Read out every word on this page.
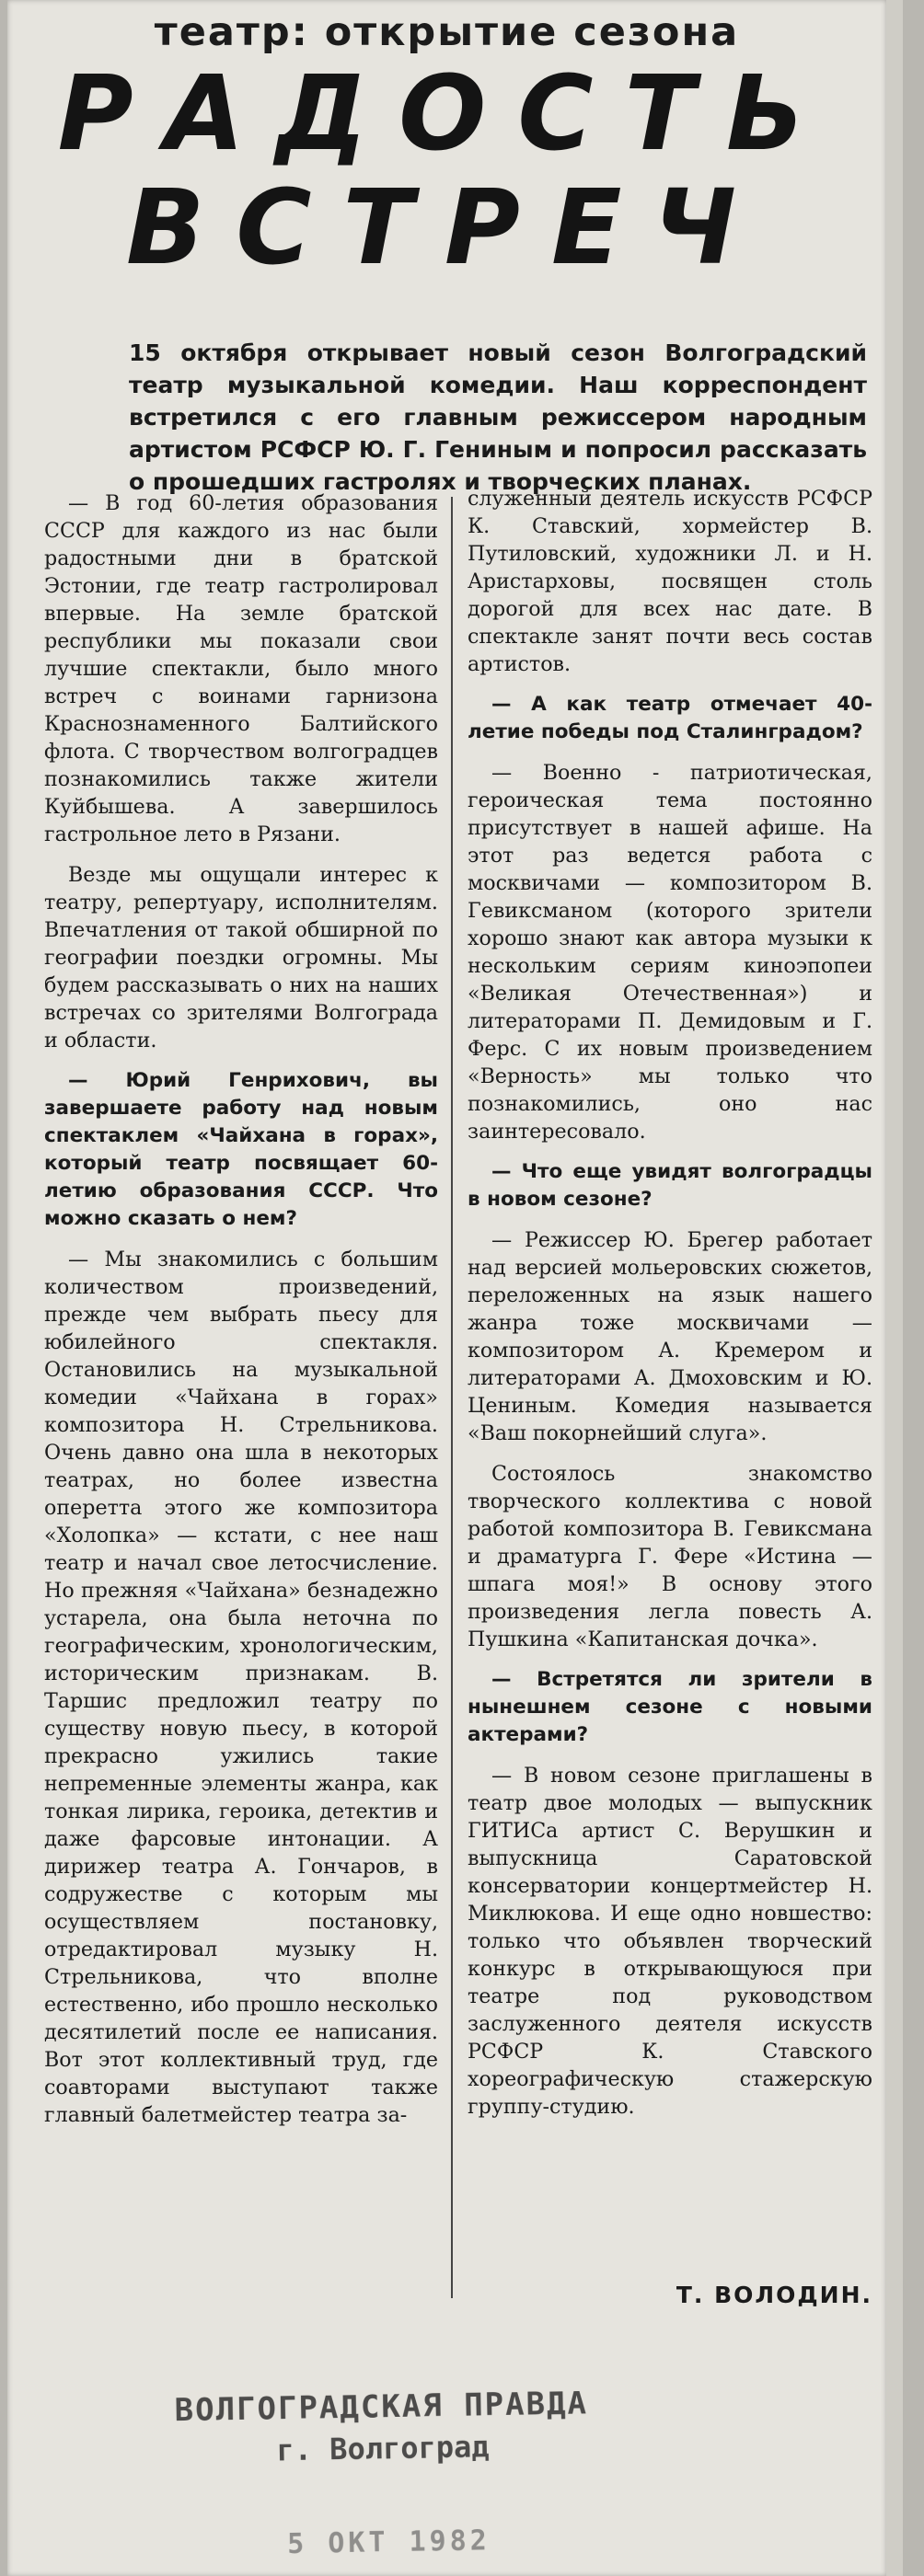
театр: открытие сезона
РАДОСТЬ
ВСТРЕЧ
15 октября открывает новый сезон Волгоградский театр музыкальной комедии. Наш корреспондент встретился с его главным режиссером народным артистом РСФСР Ю. Г. Гениным и попросил рассказать о прошедших гастролях и творческих планах.

— В год 60-летия образования СССР для каждого из нас были радостными дни в братской Эстонии, где театр гастролировал впервые. На земле братской республики мы показали свои лучшие спектакли, было много встреч с воинами гарнизона Краснознаменного Балтийского флота. С творчеством волгоградцев познакомились также жители Куйбышева. А завершилось гастрольное лето в Рязани.

Везде мы ощущали интерес к театру, репертуару, исполнителям. Впечатления от такой обширной по географии поездки огромны. Мы будем рассказывать о них на наших встречах со зрителями Волгограда и области.

— Юрий Генрихович, вы завершаете работу над новым спектаклем «Чайхана в горах», который театр посвящает 60-летию образования СССР. Что можно сказать о нем?

— Мы знакомились с большим количеством произведений, прежде чем выбрать пьесу для юбилейного спектакля. Остановились на музыкальной комедии «Чайхана в горах» композитора Н. Стрельникова. Очень давно она шла в некоторых театрах, но более известна оперетта этого же композитора «Холопка» — кстати, с нее наш театр и начал свое летосчисление. Но прежняя «Чайхана» безнадежно устарела, она была неточна по географическим, хронологическим, историческим признакам. В. Таршис предложил театру по существу новую пьесу, в которой прекрасно ужились такие непременные элементы жанра, как тонкая лирика, героика, детектив и даже фарсовые интонации. А дирижер театра А. Гончаров, в содружестве с которым мы осуществляем постановку, отредактировал музыку Н. Стрельникова, что вполне естественно, ибо прошло несколько десятилетий после ее написания. Вот этот коллективный труд, где соавторами выступают также главный балетмейстер театра за-

служенный деятель искусств РСФСР К. Ставский, хормейстер В. Путиловский, художники Л. и Н. Аристарховы, посвящен столь дорогой для всех нас дате. В спектакле занят почти весь состав артистов.

— А как театр отмечает 40-летие победы под Сталинградом?

— Военно - патриотическая, героическая тема постоянно присутствует в нашей афише. На этот раз ведется работа с москвичами — композитором В. Гевиксманом (которого зрители хорошо знают как автора музыки к нескольким сериям киноэпопеи «Великая Отечественная») и литераторами П. Демидовым и Г. Ферс. С их новым произведением «Верность» мы только что познакомились, оно нас заинтересовало.

— Что еще увидят волгоградцы в новом сезоне?

— Режиссер Ю. Брегер работает над версией мольеровских сюжетов, переложенных на язык нашего жанра тоже москвичами — композитором А. Кремером и литераторами А. Дмоховским и Ю. Цениным. Комедия называется «Ваш покорнейший слуга».

Состоялось знакомство творческого коллектива с новой работой композитора В. Гевиксмана и драматурга Г. Фере «Истина — шпага моя!» В основу этого произведения легла повесть А. Пушкина «Капитанская дочка».

— Встретятся ли зрители в нынешнем сезоне с новыми актерами?

— В новом сезоне приглашены в театр двое молодых — выпускник ГИТИСа артист С. Верушкин и выпускница Саратовской консерватории концертмейстер Н. Миклюкова. И еще одно новшество: только что объявлен творческий конкурс в открывающуюся при театре под руководством заслуженного деятеля искусств РСФСР К. Ставского хореографическую стажерскую группу-студию.

Т. ВОЛОДИН.
ВОЛГОГРАДСКАЯ ПРАВДА
г. Волгоград
5 ОКТ 1982
